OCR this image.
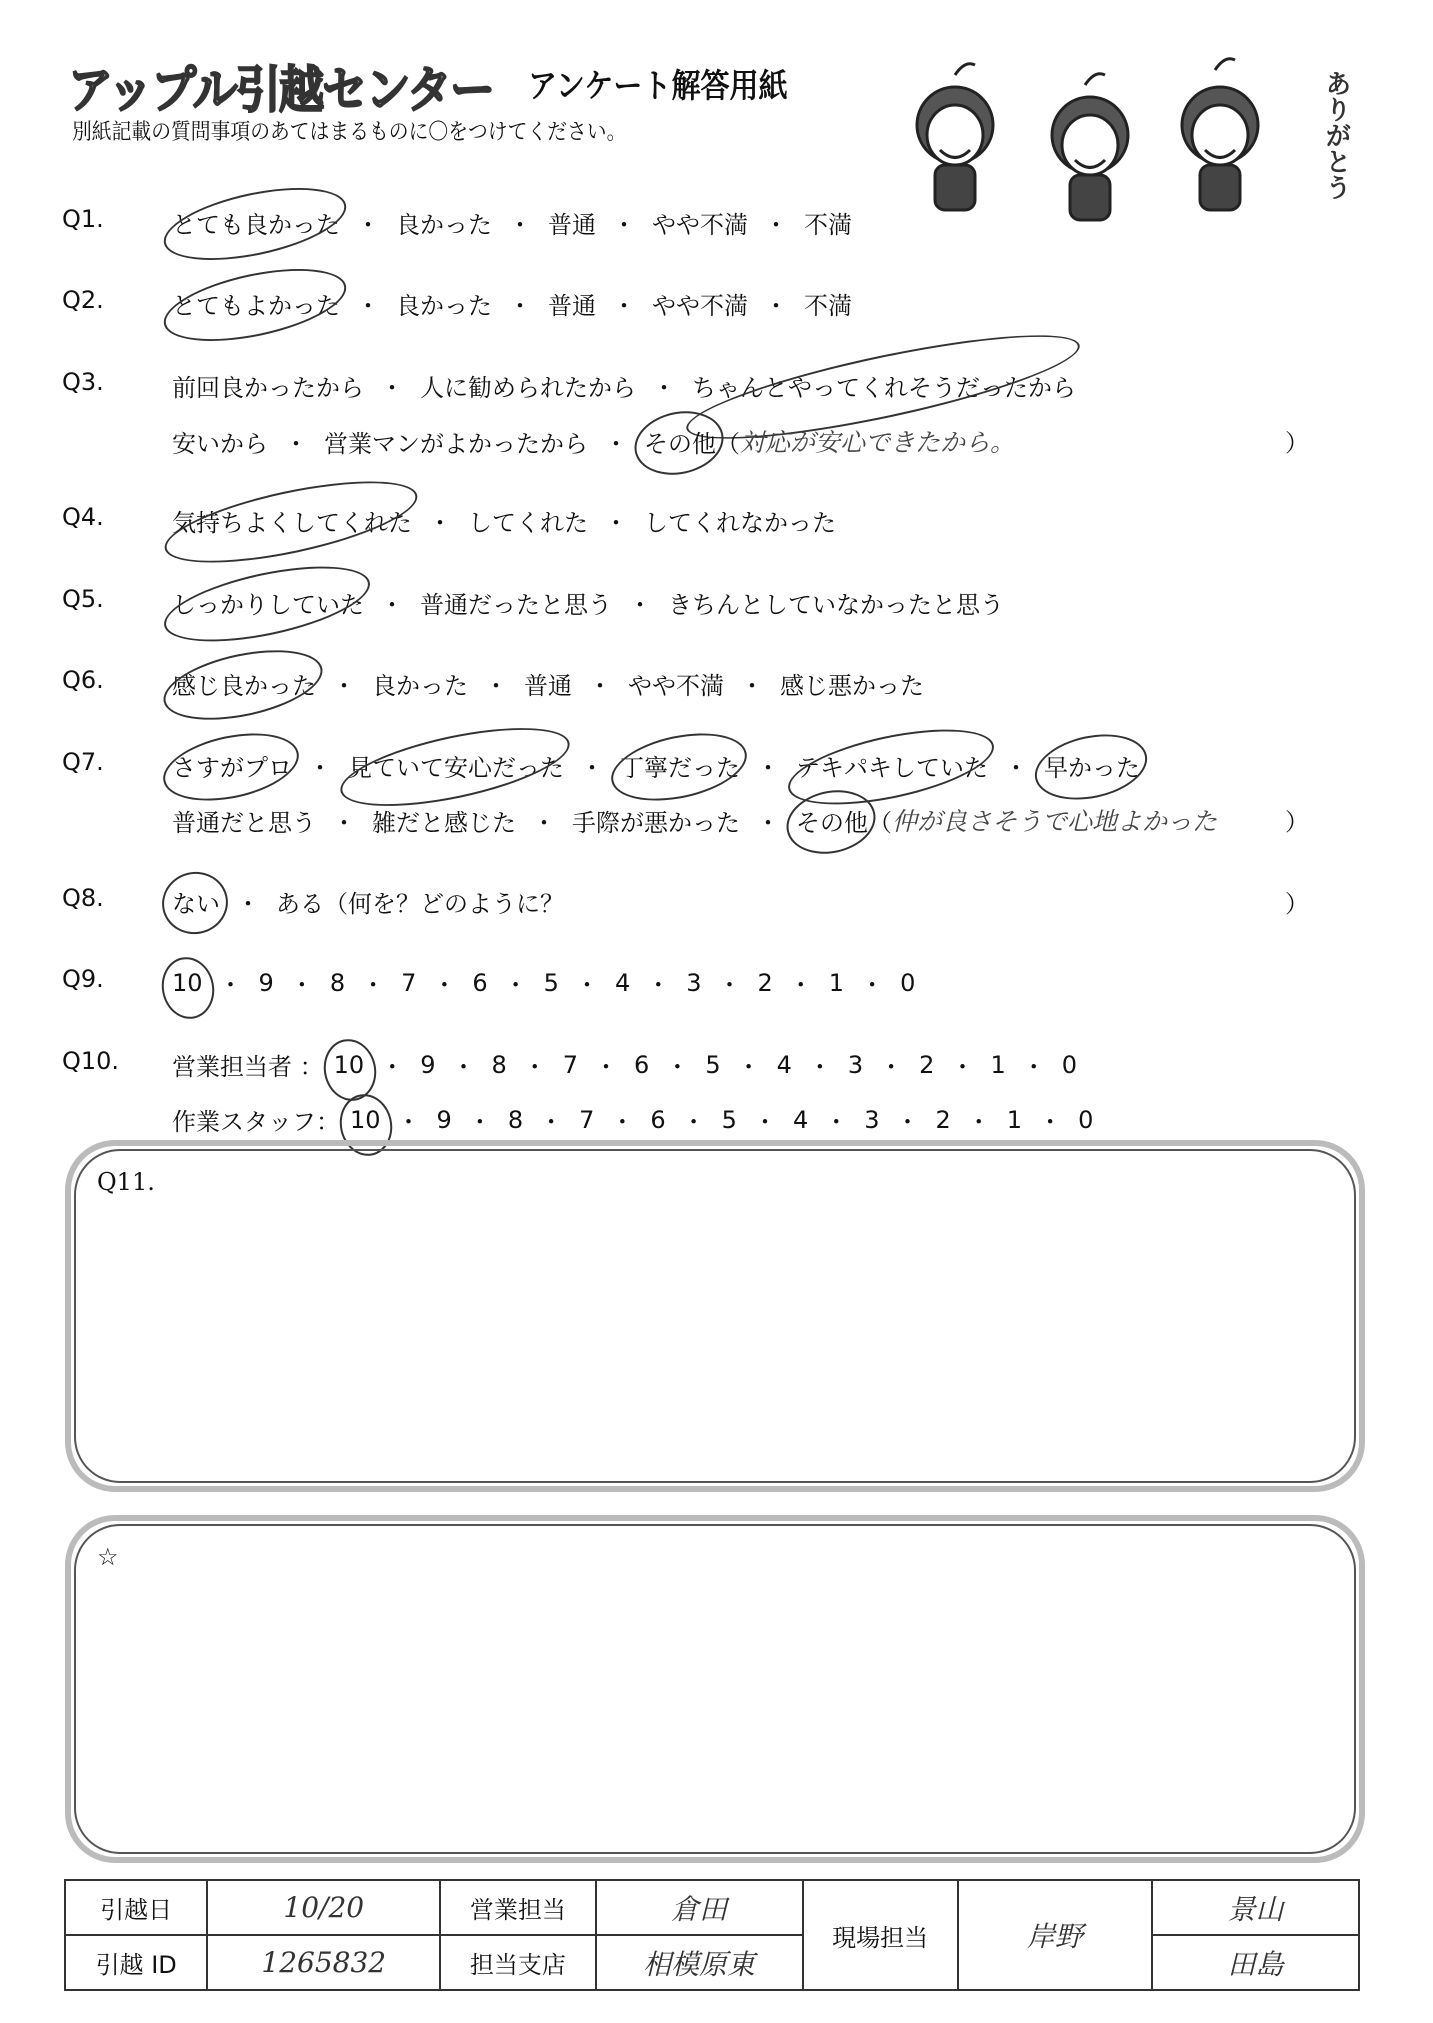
アップル引越センター アンケート解答用紙
別紙記載の質問事項のあてはまるものに〇をつけてください。	ありがとう
Q1.	とても良かった ・ 良かった ・ 普通 ・ やや不満 ・ 不満
Q2.	とてもよかった ・ 良かった ・ 普通 ・ やや不満 ・ 不満
Q3.	前回良かったから ・ 人に勧められたから ・ ちゃんとやってくれそうだったから
）
安いから ・ 営業マンがよかったから ・ その他 （ 対応が安心できたから。
Q4.	気持ちよくしてくれた ・ してくれた ・ してくれなかった
Q5.	しっかりしていた ・ 普通だったと思う ・ きちんとしていなかったと思う
Q6.	感じ良かった ・ 良かった ・ 普通 ・ やや不満 ・ 感じ悪かった
Q7.	さすがプロ ・ 見ていて安心だった ・ 丁寧だった ・ テキパキしていた ・ 早かった
）
普通だと思う ・ 雑だと感じた ・ 手際が悪かった ・ その他 （ 仲が良さそうで心地よかった
Q8.	）
ない ・ ある（何を？どのように？
Q9.	10 ・ 9 ・ 8 ・ 7 ・ 6 ・ 5 ・ 4 ・ 3 ・ 2 ・ 1 ・ 0
Q10. 営業担当者 ： 10 ・ 9 ・ 8 ・ 7 ・ 6 ・ 5 ・ 4 ・ 3 ・ 2 ・ 1 ・ 0
作業スタッフ： 10 ・ 9 ・ 8 ・ 7 ・ 6 ・ 5 ・ 4 ・ 3 ・ 2 ・ 1 ・ 0
Q11.
☆
引越日	10/20	営業担当	倉田	現場担当	岸野	景山
引越 ID	1265832	担当支店	相模原東			田島
